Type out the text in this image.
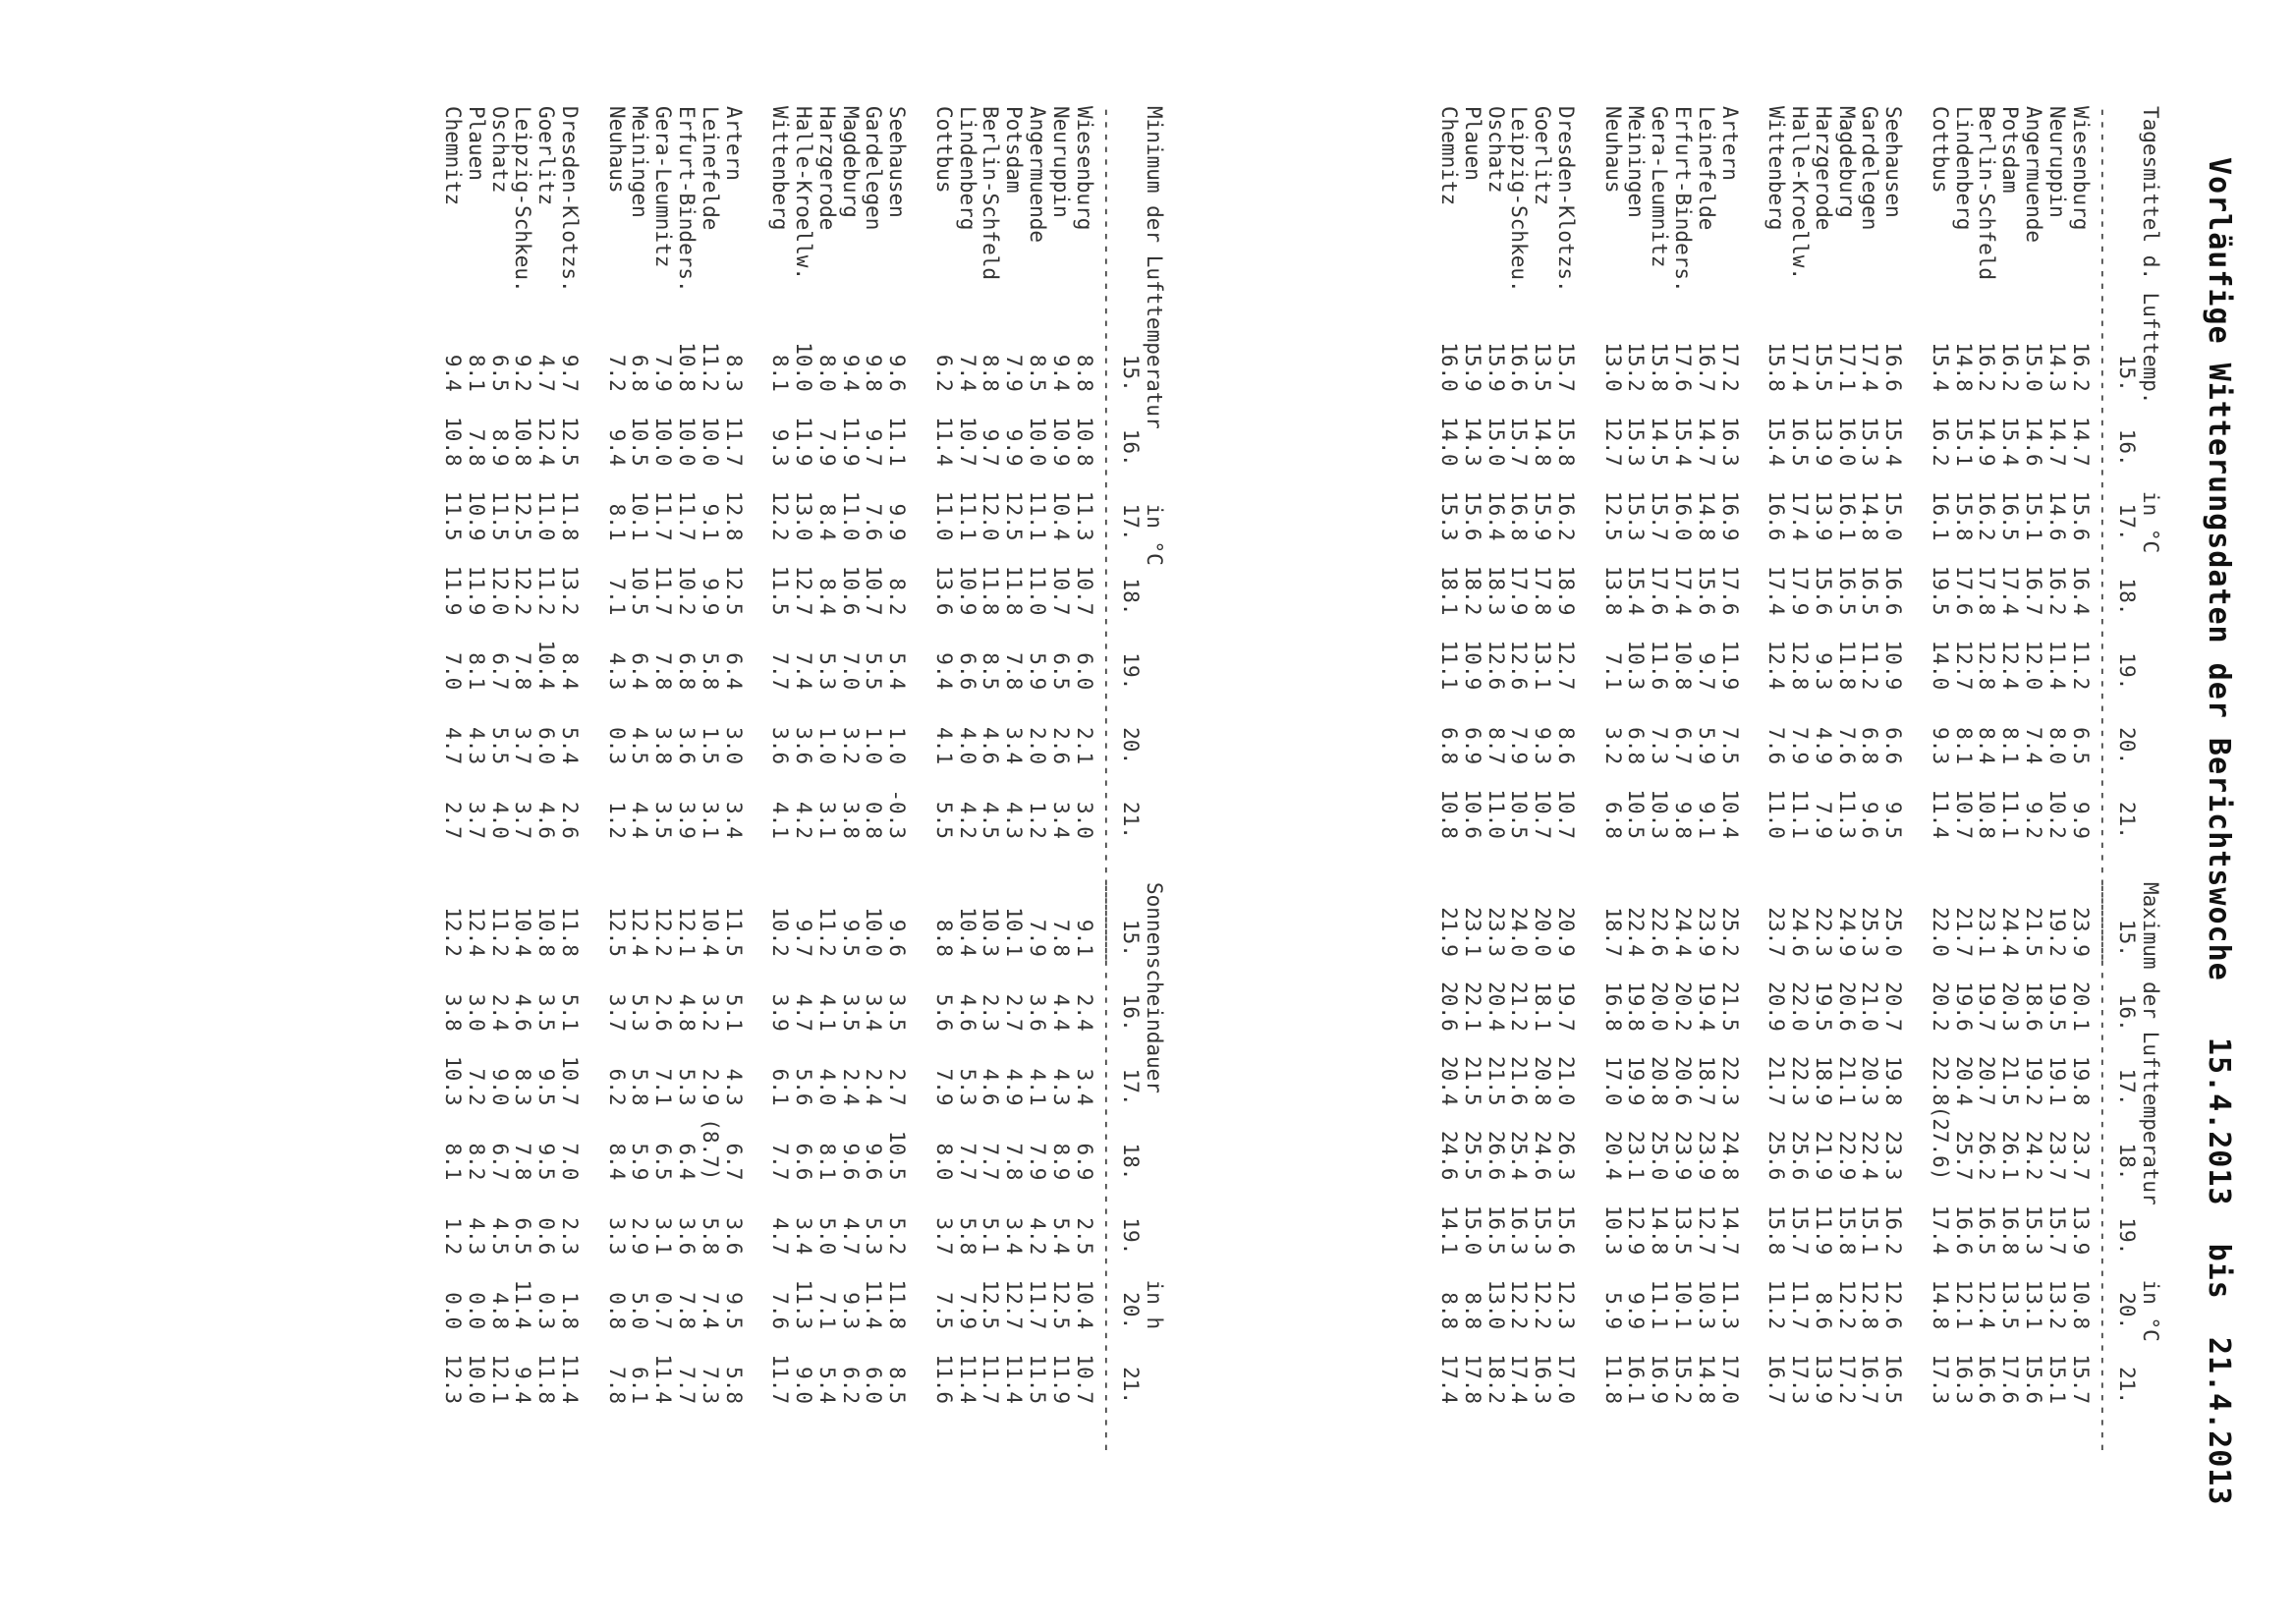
Vorläufige Witterungsdaten der Berichtswoche   15.4.2013  bis  21.4.2013
Tagesmittel d. Lufttemp.       in °C
15.   16.   17.   18.   19.   20.   21.
---------------------------------------------------------------------
Wiesenburg         16.2  14.7  15.6  16.4  11.2   6.5   9.9
Neuruppin          14.3  14.7  14.6  16.2  11.4   8.0  10.2
Angermuende        15.0  14.6  15.1  16.7  12.0   7.4   9.2
Potsdam            16.2  15.4  16.5  17.4  12.4   8.1  11.1
Berlin-Schfeld     16.2  14.9  16.2  17.8  12.8   8.4  10.8
Lindenberg         14.8  15.1  15.8  17.6  12.7   8.1  10.7
Cottbus            15.4  16.2  16.1  19.5  14.0   9.3  11.4
Seehausen          16.6  15.4  15.0  16.6  10.9   6.6   9.5
Gardelegen         17.4  15.3  14.8  16.5  11.2   6.8   9.6
Magdeburg          17.1  16.0  16.1  16.5  11.8   7.6  11.3
Harzgerode         15.5  13.9  13.9  15.6   9.3   4.9   7.9
Halle-Kroellw.     17.4  16.5  17.4  17.9  12.8   7.9  11.1
Wittenberg         15.8  15.4  16.6  17.4  12.4   7.6  11.0
Artern             17.2  16.3  16.9  17.6  11.9   7.5  10.4
Leinefelde         16.7  14.7  14.8  15.6   9.7   5.9   9.1
Erfurt-Binders.    17.6  15.4  16.0  17.4  10.8   6.7   9.8
Gera-Leumnitz      15.8  14.5  15.7  17.6  11.6   7.3  10.3
Meiningen          15.2  15.3  15.3  15.4  10.3   6.8  10.5
Neuhaus            13.0  12.7  12.5  13.8   7.1   3.2   6.8
Dresden-Klotzs.    15.7  15.8  16.2  18.9  12.7   8.6  10.7
Goerlitz           13.5  14.8  15.9  17.8  13.1   9.3  10.7
Leipzig-Schkeu.    16.6  15.7  16.8  17.9  12.6   7.9  10.5
Oschatz            15.9  15.0  16.4  18.3  12.6   8.7  11.0
Plauen             15.9  14.3  15.6  18.2  10.9   6.9  10.6
Chemnitz           16.0  14.0  15.3  18.1  11.1   6.8  10.8
Maximum der Lufttemperatur      in °C
15.   16.   17.   18.   19.   20.   21.
----------------------------------------------
23.9  20.1  19.8  23.7  13.9  10.8  15.7
19.2  19.5  19.1  23.7  15.7  13.2  15.1
21.5  18.6  19.2  24.2  15.3  13.1  15.6
24.4  20.3  21.5  26.1  16.8  13.5  17.6
23.1  19.7  20.7  26.2  16.5  12.4  16.6
21.7  19.6  20.4  25.7  16.6  12.1  16.3
22.0  20.2  22.8(27.6)  17.4  14.8  17.3
25.0  20.7  19.8  23.3  16.2  12.6  16.5
25.3  21.0  20.3  22.4  15.1  12.8  16.7
24.9  20.6  21.1  22.9  15.8  12.2  17.2
22.3  19.5  18.9  21.9  11.9   8.6  13.9
24.6  22.0  22.3  25.6  15.7  11.7  17.3
23.7  20.9  21.7  25.6  15.8  11.2  16.7
25.2  21.5  22.3  24.8  14.7  11.3  17.0
23.9  19.4  18.7  23.9  12.7  10.3  14.8
24.4  20.2  20.6  23.9  13.5  10.1  15.2
22.6  20.0  20.8  25.0  14.8  11.1  16.9
22.4  19.8  19.9  23.1  12.9   9.9  16.1
18.7  16.8  17.0  20.4  10.3   5.9  11.8
20.9  19.7  21.0  26.3  15.6  12.3  17.0
20.0  18.1  20.8  24.6  15.3  12.2  16.3
24.0  21.2  21.6  25.4  16.3  12.2  17.4
23.3  20.4  21.5  26.6  16.5  13.0  18.2
23.1  22.1  21.5  25.5  15.0   8.8  17.8
21.9  20.6  20.4  24.6  14.1   8.8  17.4
Minimum der Lufttemperatur      in °C
15.   16.   17.   18.   19.   20.   21.
---------------------------------------------------------------------
Wiesenburg          8.8  10.8  11.3  10.7   6.0   2.1   3.0
Neuruppin           9.4  10.9  10.4  10.7   6.5   2.6   3.4
Angermuende         8.5  10.0  11.1  11.0   5.9   2.0   1.2
Potsdam             7.9   9.9  12.5  11.8   7.8   3.4   4.3
Berlin-Schfeld      8.8   9.7  12.0  11.8   8.5   4.6   4.5
Lindenberg          7.4  10.7  11.1  10.9   6.6   4.0   4.2
Cottbus             6.2  11.4  11.0  13.6   9.4   4.1   5.5
Seehausen           9.6  11.1   9.9   8.2   5.4   1.0  -0.3
Gardelegen          9.8   9.7   7.6  10.7   5.5   1.0   0.8
Magdeburg           9.4  11.9  11.0  10.6   7.0   3.2   3.8
Harzgerode          8.0   7.9   8.4   8.4   5.3   1.0   3.1
Halle-Kroellw.     10.0  11.9  13.0  12.7   7.4   3.6   4.2
Wittenberg          8.1   9.3  12.2  11.5   7.7   3.6   4.1
Artern              8.3  11.7  12.8  12.5   6.4   3.0   3.4
Leinefelde         11.2  10.0   9.1   9.9   5.8   1.5   3.1
Erfurt-Binders.    10.8  10.0  11.7  10.2   6.8   3.6   3.9
Gera-Leumnitz       7.9  10.0  11.7  11.7   7.8   3.8   3.5
Meiningen           6.8  10.5  10.1  10.5   6.4   4.5   4.4
Neuhaus             7.2   9.4   8.1   7.1   4.3   0.3   1.2
Dresden-Klotzs.     9.7  12.5  11.8  13.2   8.4   5.4   2.6
Goerlitz            4.7  12.4  11.0  11.2  10.4   6.0   4.6
Leipzig-Schkeu.     9.2  10.8  12.5  12.2   7.8   3.7   3.7
Oschatz             6.5   8.9  11.5  12.0   6.7   5.5   4.0
Plauen              8.1   7.8  10.9  11.9   8.1   4.3   3.7
Chemnitz            9.4  10.8  11.5  11.9   7.0   4.7   2.7
Sonnenscheindauer               in h
15.   16.   17.   18.   19.   20.   21.
----------------------------------------------
9.1   2.4   3.4   6.9   2.5  10.4  10.7
7.8   4.4   4.3   8.9   5.4  12.5  11.9
7.9   3.6   4.1   7.9   4.2  11.7  11.5
10.1   2.7   4.9   7.8   3.4  12.7  11.4
10.3   2.3   4.6   7.7   5.1  12.5  11.7
10.4   4.6   5.3   7.7   5.8   7.9  11.4
8.8   5.6   7.9   8.0   3.7   7.5  11.6
9.6   3.5   2.7  10.5   5.2  11.8   8.5
10.0   3.4   2.4   9.6   5.3  11.4   6.0
9.5   3.5   2.4   9.6   4.7   9.3   6.2
11.2   4.1   4.0   8.1   5.0   7.1   5.4
9.7   4.7   5.6   6.6   3.4  11.3   9.0
10.2   3.9   6.1   7.7   4.7   7.6  11.7
11.5   5.1   4.3   6.7   3.6   9.5   5.8
10.4   3.2   2.9 (8.7)   5.8   7.4   7.3
12.1   4.8   5.3   6.4   3.6   7.8   7.7
12.2   2.6   7.1   6.5   3.1   0.7  11.4
12.4   5.3   5.8   5.9   2.9   5.0   6.1
12.5   3.7   6.2   8.4   3.3   0.8   7.8
11.8   5.1  10.7   7.0   2.3   1.8  11.4
10.8   3.5   9.5   9.5   0.6   0.3  11.8
10.4   4.6   8.3   7.8   6.5  11.4   9.4
11.2   2.4   9.0   6.7   4.5   4.8  12.1
12.4   3.0   7.2   8.2   4.3   0.0  10.0
12.2   3.8  10.3   8.1   1.2   0.0  12.3
